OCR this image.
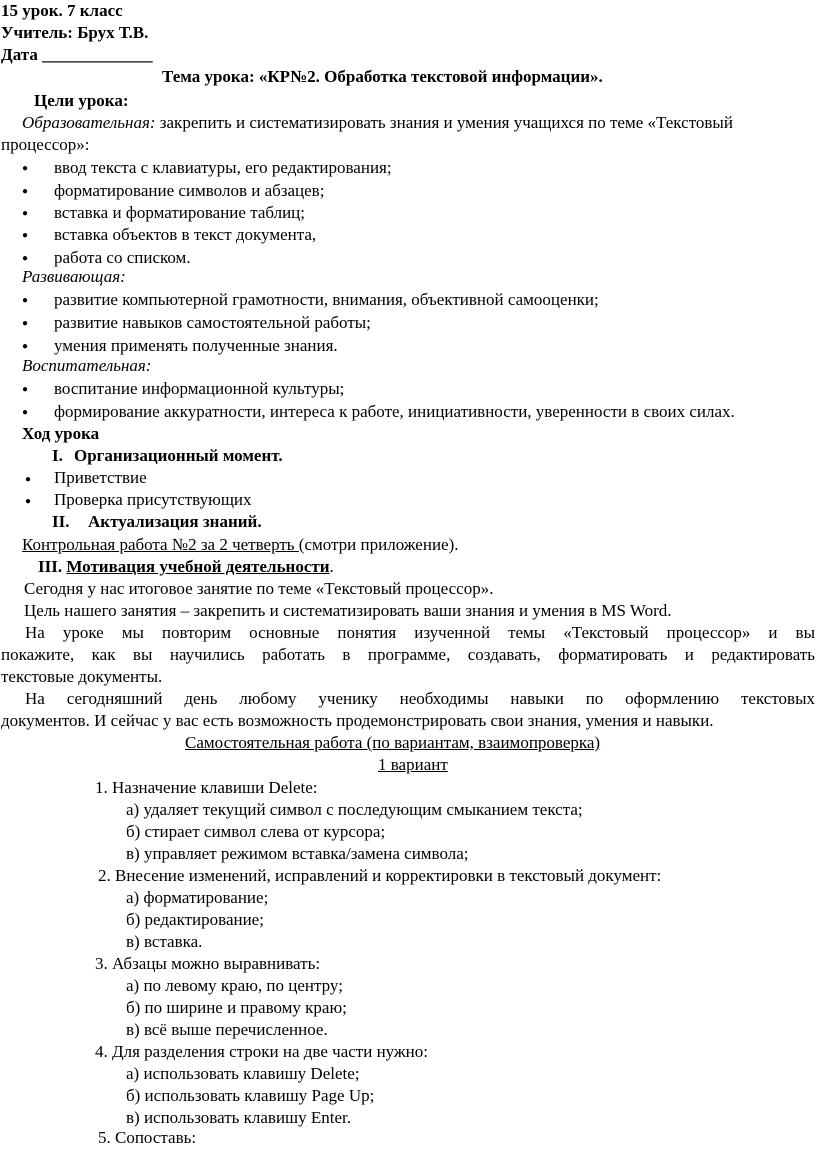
15 урок. 7 класс
Учитель: Брух Т.В.
Дата _____________
Тема урока: «КР№2. Обработка текстовой информации».
Цели урока:
Образовательная: закрепить и систематизировать знания и умения учащихся по теме «Текстовый
процессор»:
● ввод текста с клавиатуры, его редактирования;
● форматирование символов и абзацев;
● вставка и форматирование таблиц;
● вставка объектов в текст документа,
● работа со списком.
Развивающая:
● развитие компьютерной грамотности, внимания, объективной самооценки;
● развитие навыков самостоятельной работы;
● умения применять полученные знания.
Воспитательная:
● воспитание информационной культуры;
● формирование аккуратности, интереса к работе, инициативности, уверенности в своих силах.
Ход урока
I. Организационный момент.
● Приветствие
● Проверка присутствующих
II. Актуализация знаний.
Контрольная работа №2 за 2 четверть (смотри приложение).
III. Мотивация учебной деятельности.
Сегодня у нас итоговое занятие по теме «Текстовый процессор».
Цель нашего занятия – закрепить и систематизировать ваши знания и умения в MS Word.
На уроке мы повторим основные понятия изученной темы «Текстовый процессор» и вы
покажите, как вы научились работать в программе, создавать, форматировать и редактировать
текстовые документы.
На сегодняшний день любому ученику необходимы навыки по оформлению текстовых
документов. И сейчас у вас есть возможность продемонстрировать свои знания, умения и навыки.
Самостоятельная работа (по вариантам, взаимопроверка)
1 вариант
1. Назначение клавиши Delete:
а) удаляет текущий символ с последующим смыканием текста;
б) стирает символ слева от курсора;
в) управляет режимом вставка/замена символа;
2. Внесение изменений, исправлений и корректировки в текстовый документ:
а) форматирование;
б) редактирование;
в) вставка.
3. Абзацы можно выравнивать:
а) по левому краю, по центру;
б) по ширине и правому краю;
в) всё выше перечисленное.
4. Для разделения строки на две части нужно:
а) использовать клавишу Delete;
б) использовать клавишу Page Up;
в) использовать клавишу Enter.
5. Сопоставь:
